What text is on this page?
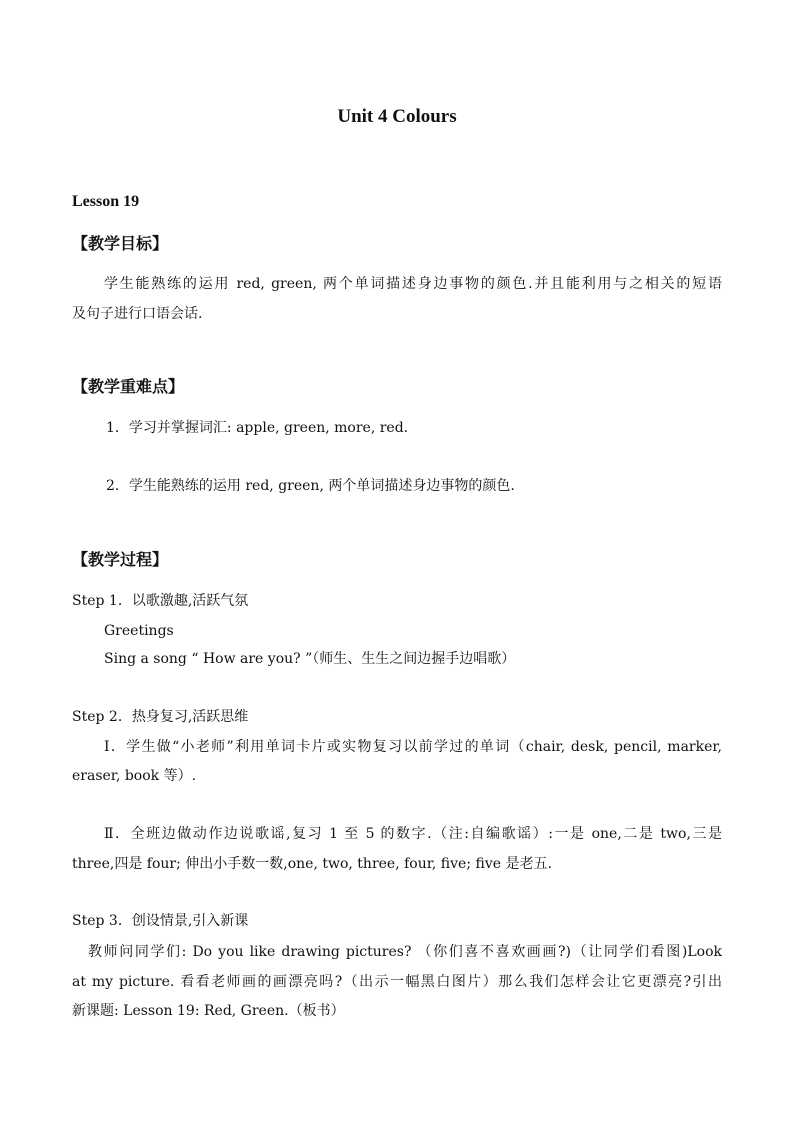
Unit 4 Colours
Lesson 19
【教学目标】
学生能熟练的运用 red, green, 两个单词描述身边事物的颜色.并且能利用与之相关的短语
及句子进行口语会话.
【教学重难点】
1．学习并掌握词汇: apple, green, more, red.
2．学生能熟练的运用 red, green, 两个单词描述身边事物的颜色.
【教学过程】
Step 1．以歌激趣,活跃气氛
Greetings
Sing a song “ How are you? ”（师生、生生之间边握手边唱歌）
Step 2．热身复习,活跃思维
Ⅰ．学生做“小老师”利用单词卡片或实物复习以前学过的单词（chair, desk, pencil, marker,
eraser, book 等）.
Ⅱ．全班边做动作边说歌谣,复习 1 至 5 的数字.（注:自编歌谣）:一是 one,二是 two,三是
three,四是 four; 伸出小手数一数,one, two, three, four, five; five 是老五.
Step 3．创设情景,引入新课
教师问同学们: Do you like drawing pictures? （你们喜不喜欢画画?)（让同学们看图)Look
at my picture. 看看老师画的画漂亮吗?（出示一幅黑白图片）那么我们怎样会让它更漂亮?引出
新课题: Lesson 19: Red, Green.（板书）
